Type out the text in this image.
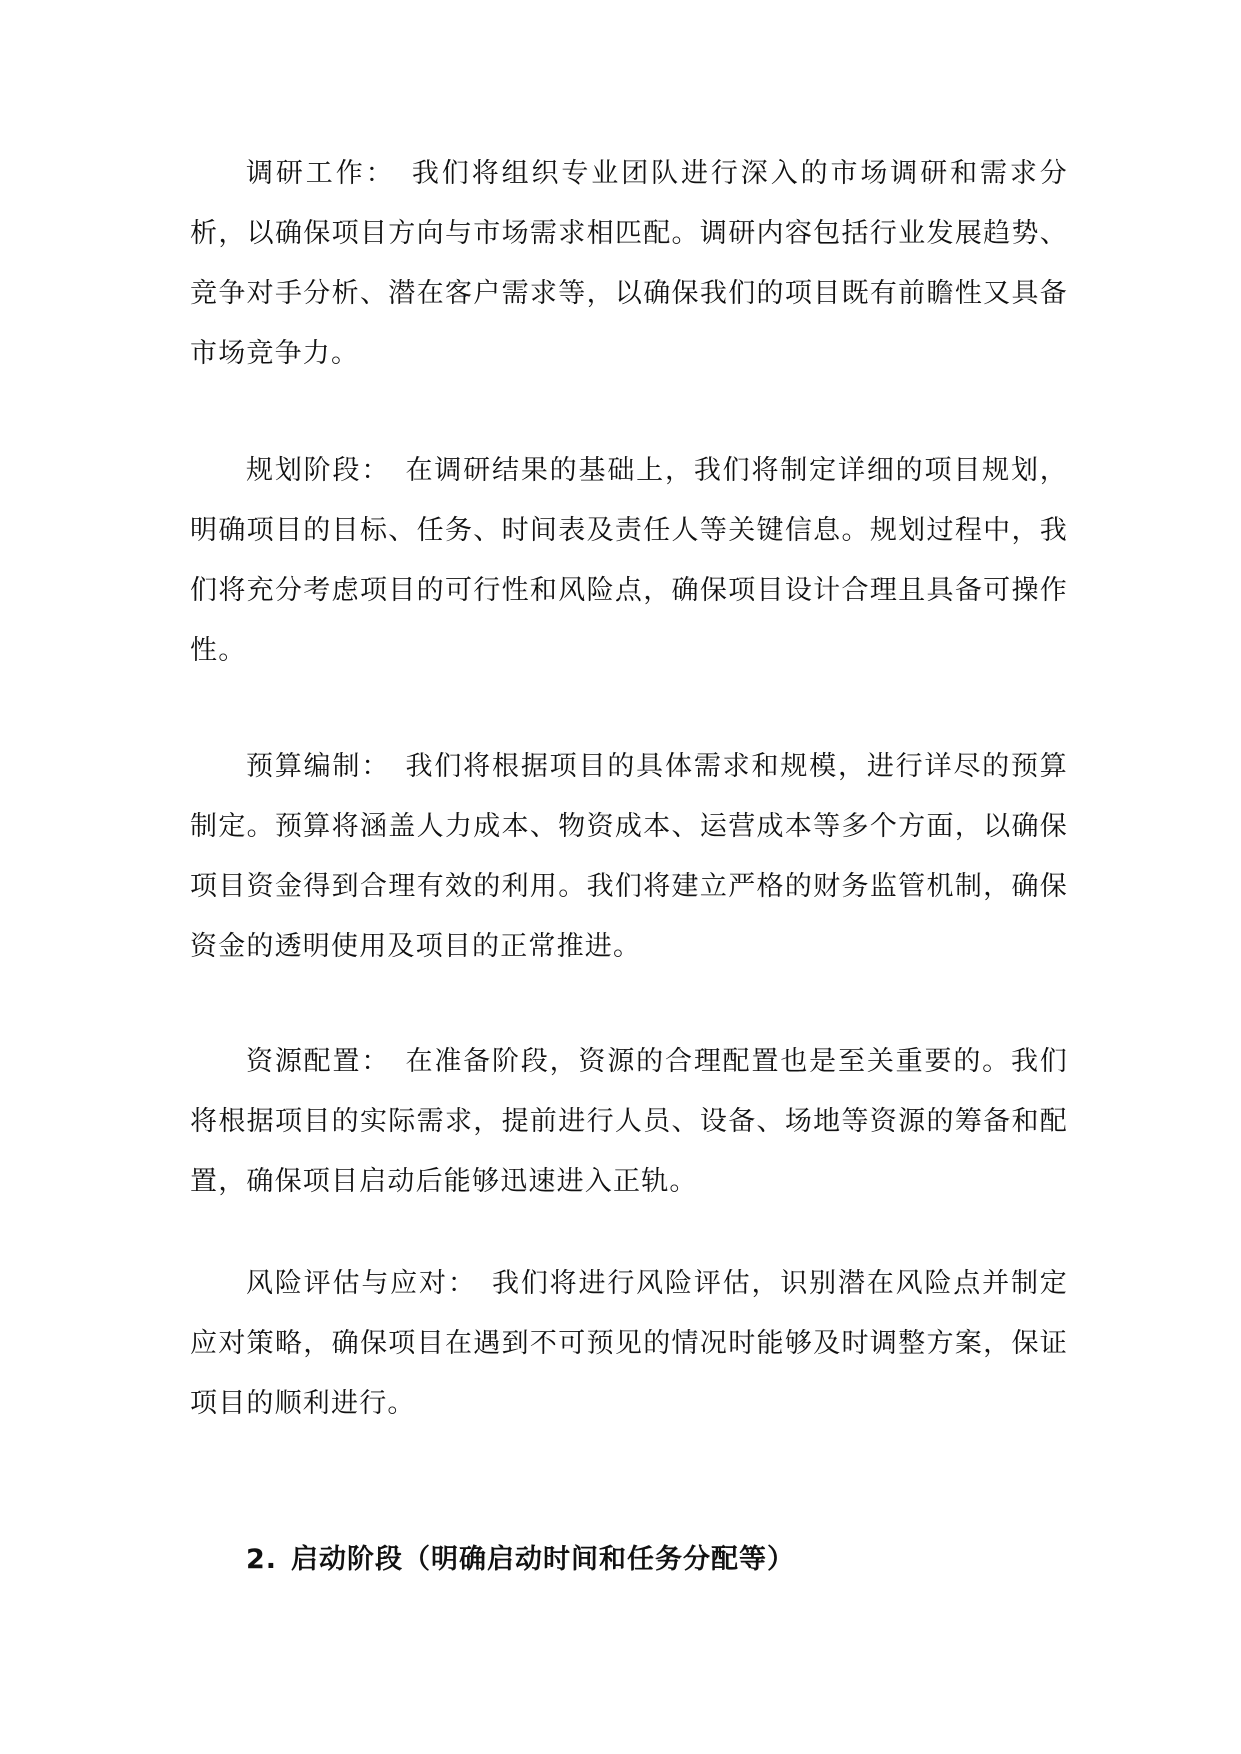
调研工作：　 我们将组织专业团队进行深入的市场调研和需求分析，以确保项目方向与市场需求相匹配。调研内容包括行业发展趋势、竞争对手分析、潜在客户需求等，以确保我们的项目既有前瞻性又具备市场竞争力。

规划阶段：　 在调研结果的基础上，我们将制定详细的项目规划，明确项目的目标、任务、时间表及责任人等关键信息。规划过程中，我们将充分考虑项目的可行性和风险点，确保项目设计合理且具备可操作性。

预算编制：　 我们将根据项目的具体需求和规模，进行详尽的预算制定。预算将涵盖人力成本、物资成本、运营成本等多个方面，以确保项目资金得到合理有效的利用。我们将建立严格的财务监管机制，确保资金的透明使用及项目的正常推进。

资源配置：　 在准备阶段，资源的合理配置也是至关重要的。我们将根据项目的实际需求，提前进行人员、设备、场地等资源的筹备和配置，确保项目启动后能够迅速进入正轨。

风险评估与应对：　 我们将进行风险评估，识别潜在风险点并制定应对策略，确保项目在遇到不可预见的情况时能够及时调整方案，保证项目的顺利进行。

2. 启动阶段（明确启动时间和任务分配等）
